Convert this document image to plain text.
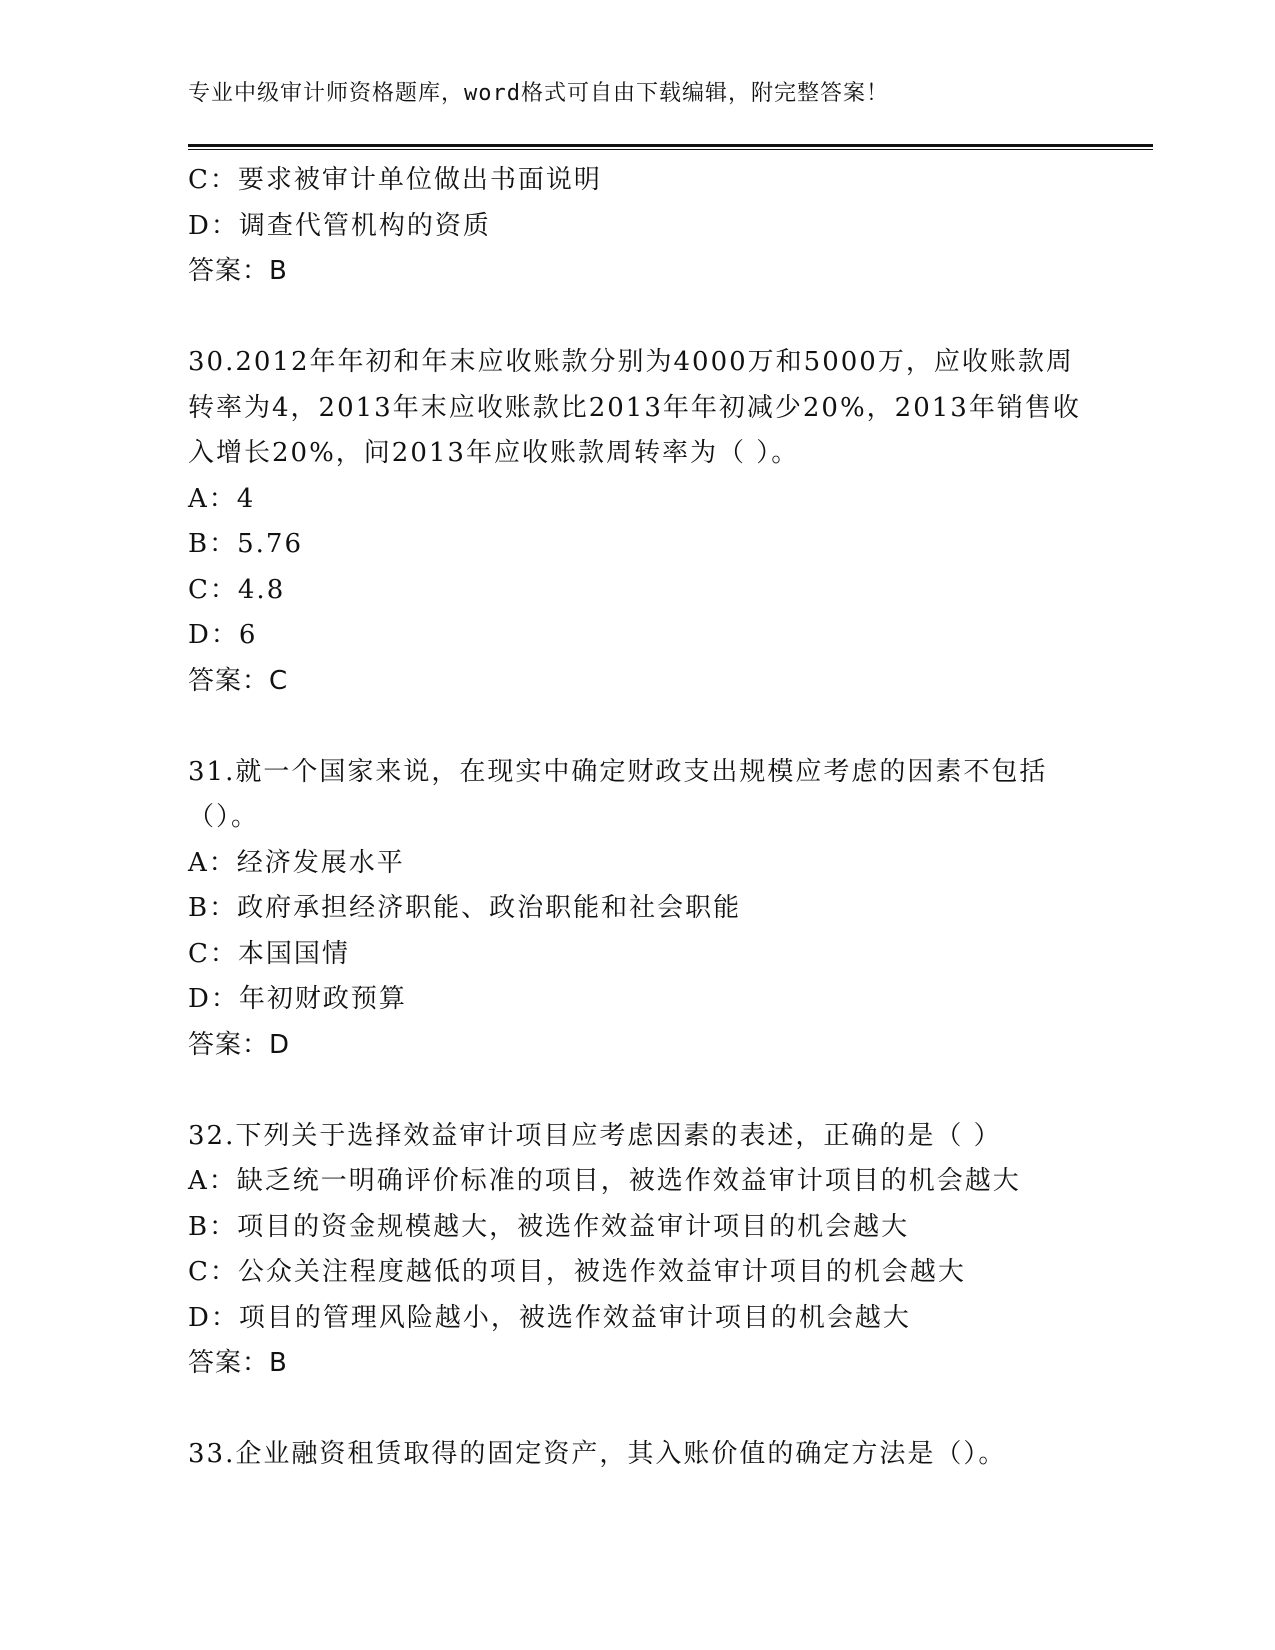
专业中级审计师资格题库，word格式可自由下载编辑，附完整答案！
C：要求被审计单位做出书面说明
D：调查代管机构的资质
答案：B
30.2012年年初和年末应收账款分别为4000万和5000万，应收账款周
转率为4，2013年末应收账款比2013年年初减少20%，2013年销售收
入增长20%，问2013年应收账款周转率为（ ）。
A：4
B：5.76
C：4.8
D：6
答案：C
31.就一个国家来说，在现实中确定财政支出规模应考虑的因素不包括
（）。
A：经济发展水平
B：政府承担经济职能、政治职能和社会职能
C：本国国情
D：年初财政预算
答案：D
32.下列关于选择效益审计项目应考虑因素的表述，正确的是（ ）
A：缺乏统一明确评价标准的项目，被选作效益审计项目的机会越大
B：项目的资金规模越大，被选作效益审计项目的机会越大
C：公众关注程度越低的项目，被选作效益审计项目的机会越大
D：项目的管理风险越小，被选作效益审计项目的机会越大
答案：B
33.企业融资租赁取得的固定资产，其入账价值的确定方法是（）。
